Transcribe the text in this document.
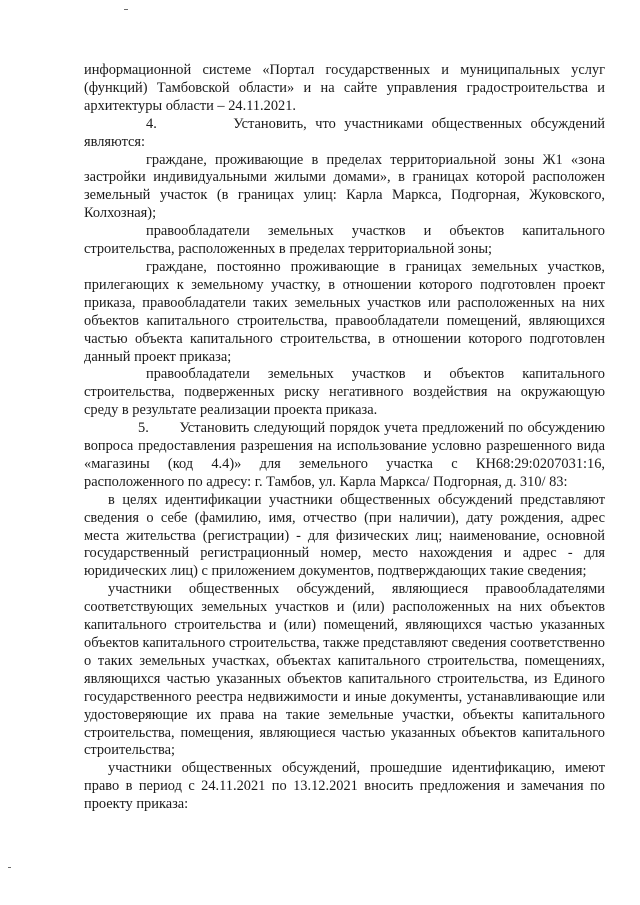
информационной системе «Портал государственных и муниципальных услуг (функций) Тамбовской области» и на сайте управления градостроительства и архитектуры области – 24.11.2021.

4.         Установить, что участниками общественных обсуждений являются:

граждане, проживающие в пределах территориальной зоны Ж1 «зона застройки индивидуальными жилыми домами», в границах которой расположен земельный участок (в границах улиц: Карла Маркса, Подгорная, Жуковского, Колхозная);

правообладатели земельных участков и объектов капитального строительства, расположенных в пределах территориальной зоны;

граждане, постоянно проживающие в границах земельных участков, прилегающих к земельному участку, в отношении которого подготовлен проект приказа, правообладатели таких земельных участков или расположенных на них объектов капитального строительства, правообладатели помещений, являющихся частью объекта капитального строительства, в отношении которого подготовлен данный проект приказа;

правообладатели земельных участков и объектов капитального строительства, подверженных риску негативного воздействия на окружающую среду в результате реализации проекта приказа.

5.       Установить следующий порядок учета предложений по обсуждению вопроса предоставления разрешения на использование условно разрешенного вида «магазины (код 4.4)» для земельного участка с КН68:29:0207031:16, расположенного по адресу: г. Тамбов, ул. Карла Маркса/ Подгорная, д. 310/ 83:

в целях идентификации участники общественных обсуждений представляют сведения о себе (фамилию, имя, отчество (при наличии), дату рождения, адрес места жительства (регистрации) - для физических лиц; наименование, основной государственный регистрационный номер, место нахождения и адрес - для юридических лиц) с приложением документов, подтверждающих такие сведения;

участники общественных обсуждений, являющиеся правообладателями соответствующих земельных участков и (или) расположенных на них объектов капитального строительства и (или) помещений, являющихся частью указанных объектов капитального строительства, также представляют сведения соответственно о таких земельных участках, объектах капитального строительства, помещениях, являющихся частью указанных объектов капитального строительства, из Единого государственного реестра недвижимости и иные документы, устанавливающие или удостоверяющие их права на такие земельные участки, объекты капитального строительства, помещения, являющиеся частью указанных объектов капитального строительства;

участники общественных обсуждений, прошедшие идентификацию, имеют право в период с 24.11.2021 по 13.12.2021 вносить предложения и замечания по проекту приказа:
